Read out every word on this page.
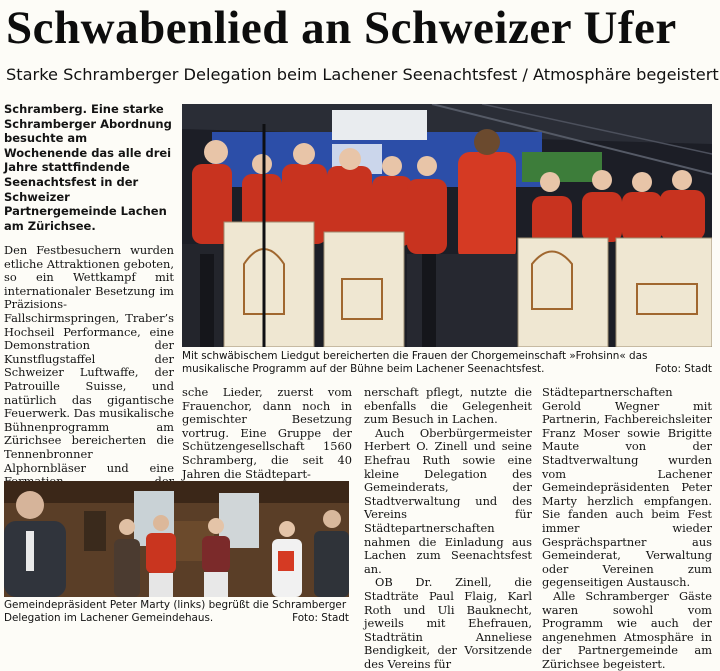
Schwabenlied an Schweizer Ufer
Starke Schramberger Delegation beim Lachener Seenachtsfest / Atmosphäre begeistert
Schramberg. Eine starke Schramberger Abordnung besuchte am Wochenende das alle drei Jahre stattfindende Seenachtsfest in der Schweizer Partnergemeinde Lachen am Zürichsee.

Den Festbesuchern wurden etliche Attraktionen geboten, so ein Wettkampf mit internationaler Besetzung im Präzisions-Fallschirmspringen, Traber’s Hochseil Performance, eine Demonstration der Kunstflugstaffel der Schweizer Luftwaffe, der Patrouille Suisse, und natürlich das gigantische Feuerwerk. Das musikalische Bühnenprogramm am Zürichsee bereicherten die Tennenbronner Alphornbläser und eine

Mit schwäbischem Liedgut bereicherten die Frauen der Chorgemeinschaft »Frohsinn« das musikalische Programm auf der Bühne beim Lachener Seenachtsfest.	Foto: Stadt

sche Lieder, zuerst vom Frauenchor, dann noch in gemischter Besetzung vortrug. Eine Gruppe der Schützengesellschaft 1560 Schramberg, die seit 40 Jahren die Städtepart-

nerschaft pflegt, nutzte die ebenfalls die Gelegenheit zum Besuch in Lachen.

Auch Oberbürgermeister Herbert O. Zinell und seine Ehefrau Ruth sowie eine kleine Delegation des Gemeinderats, der Stadtverwaltung und des Vereins für Städtepartnerschaften nahmen die Einladung aus Lachen zum Seenachtsfest an.

OB Dr. Zinell, die Stadträte Paul Flaig, Karl Roth und Uli Bauknecht, jeweils mit Ehefrauen, Stadträtin Anneliese Bendigkeit, der Vorsitzende des Vereins für

Städtepartnerschaften Gerold Wegner mit Partnerin, Fachbereichsleiter Franz Moser sowie Brigitte Maute von der Stadtverwaltung wurden vom Lachener Gemeindepräsidenten Peter Marty herzlich empfangen. Sie fanden auch beim Fest immer wieder Gesprächspartner aus Gemeinderat, Verwaltung oder Vereinen zum gegenseitigen Austausch.

Alle Schramberger Gäste waren sowohl vom Programm wie auch der angenehmen Atmosphäre in der Partnergemeinde am Zürichsee begeistert.

Gemeindepräsident Peter Marty (links) begrüßt die Schramberger Delegation im Lachener Gemeindehaus.	Foto: Stadt
